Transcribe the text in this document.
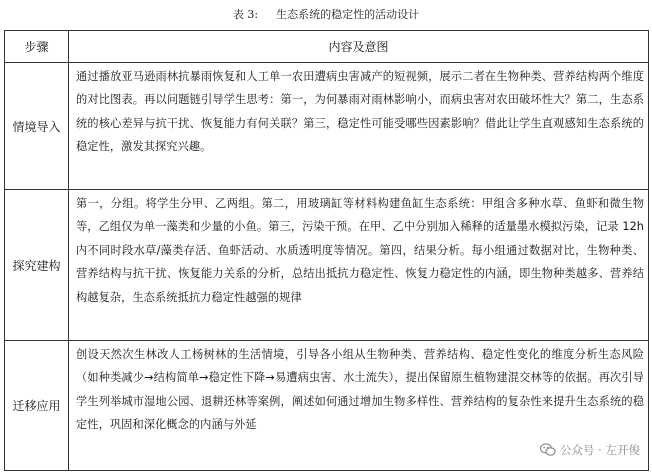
表 3: 生态系统的稳定性的活动设计
步骤	内容及意图
情境导入	通过播放亚马逊雨林抗暴雨恢复和人工单一农田遭病虫害减产的短视频，展示二者在生物种类、营养结构两个维度的对比图表。再以问题链引导学生思考：第一，为何暴雨对雨林影响小，而病虫害对农田破坏性大？第二，生态系统的核心差异与抗干扰、恢复能力有何关联？第三，稳定性可能受哪些因素影响？借此让学生直观感知生态系统的稳定性，激发其探究兴趣。
探究建构	第一，分组。将学生分甲、乙两组。第二，用玻璃缸等材料构建鱼缸生态系统：甲组含多种水草、鱼虾和微生物等，乙组仅为单一藻类和少量的小鱼。第三，污染干预。在甲、乙中分别加入稀释的适量墨水模拟污染，记录 12h 内不同时段水草/藻类存活、鱼虾活动、水质透明度等情况。第四，结果分析。每小组通过数据对比，生物种类、营养结构与抗干扰、恢复能力关系的分析，总结出抵抗力稳定性、恢复力稳定性的内涵，即生物种类越多、营养结构越复杂，生态系统抵抗力稳定性越强的规律
迁移应用	创设天然次生林改人工杨树林的生活情境，引导各小组从生物种类、营养结构、稳定性变化的维度分析生态风险（如种类减少→结构简单→稳定性下降→易遭病虫害、水土流失），提出保留原生植物建混交林等的依据。再次引导学生列举城市湿地公园、退耕还林等案例，阐述如何通过增加生物多样性、营养结构的复杂性来提升生态系统的稳定性，巩固和深化概念的内涵与外延
公众号 · 左开俊
